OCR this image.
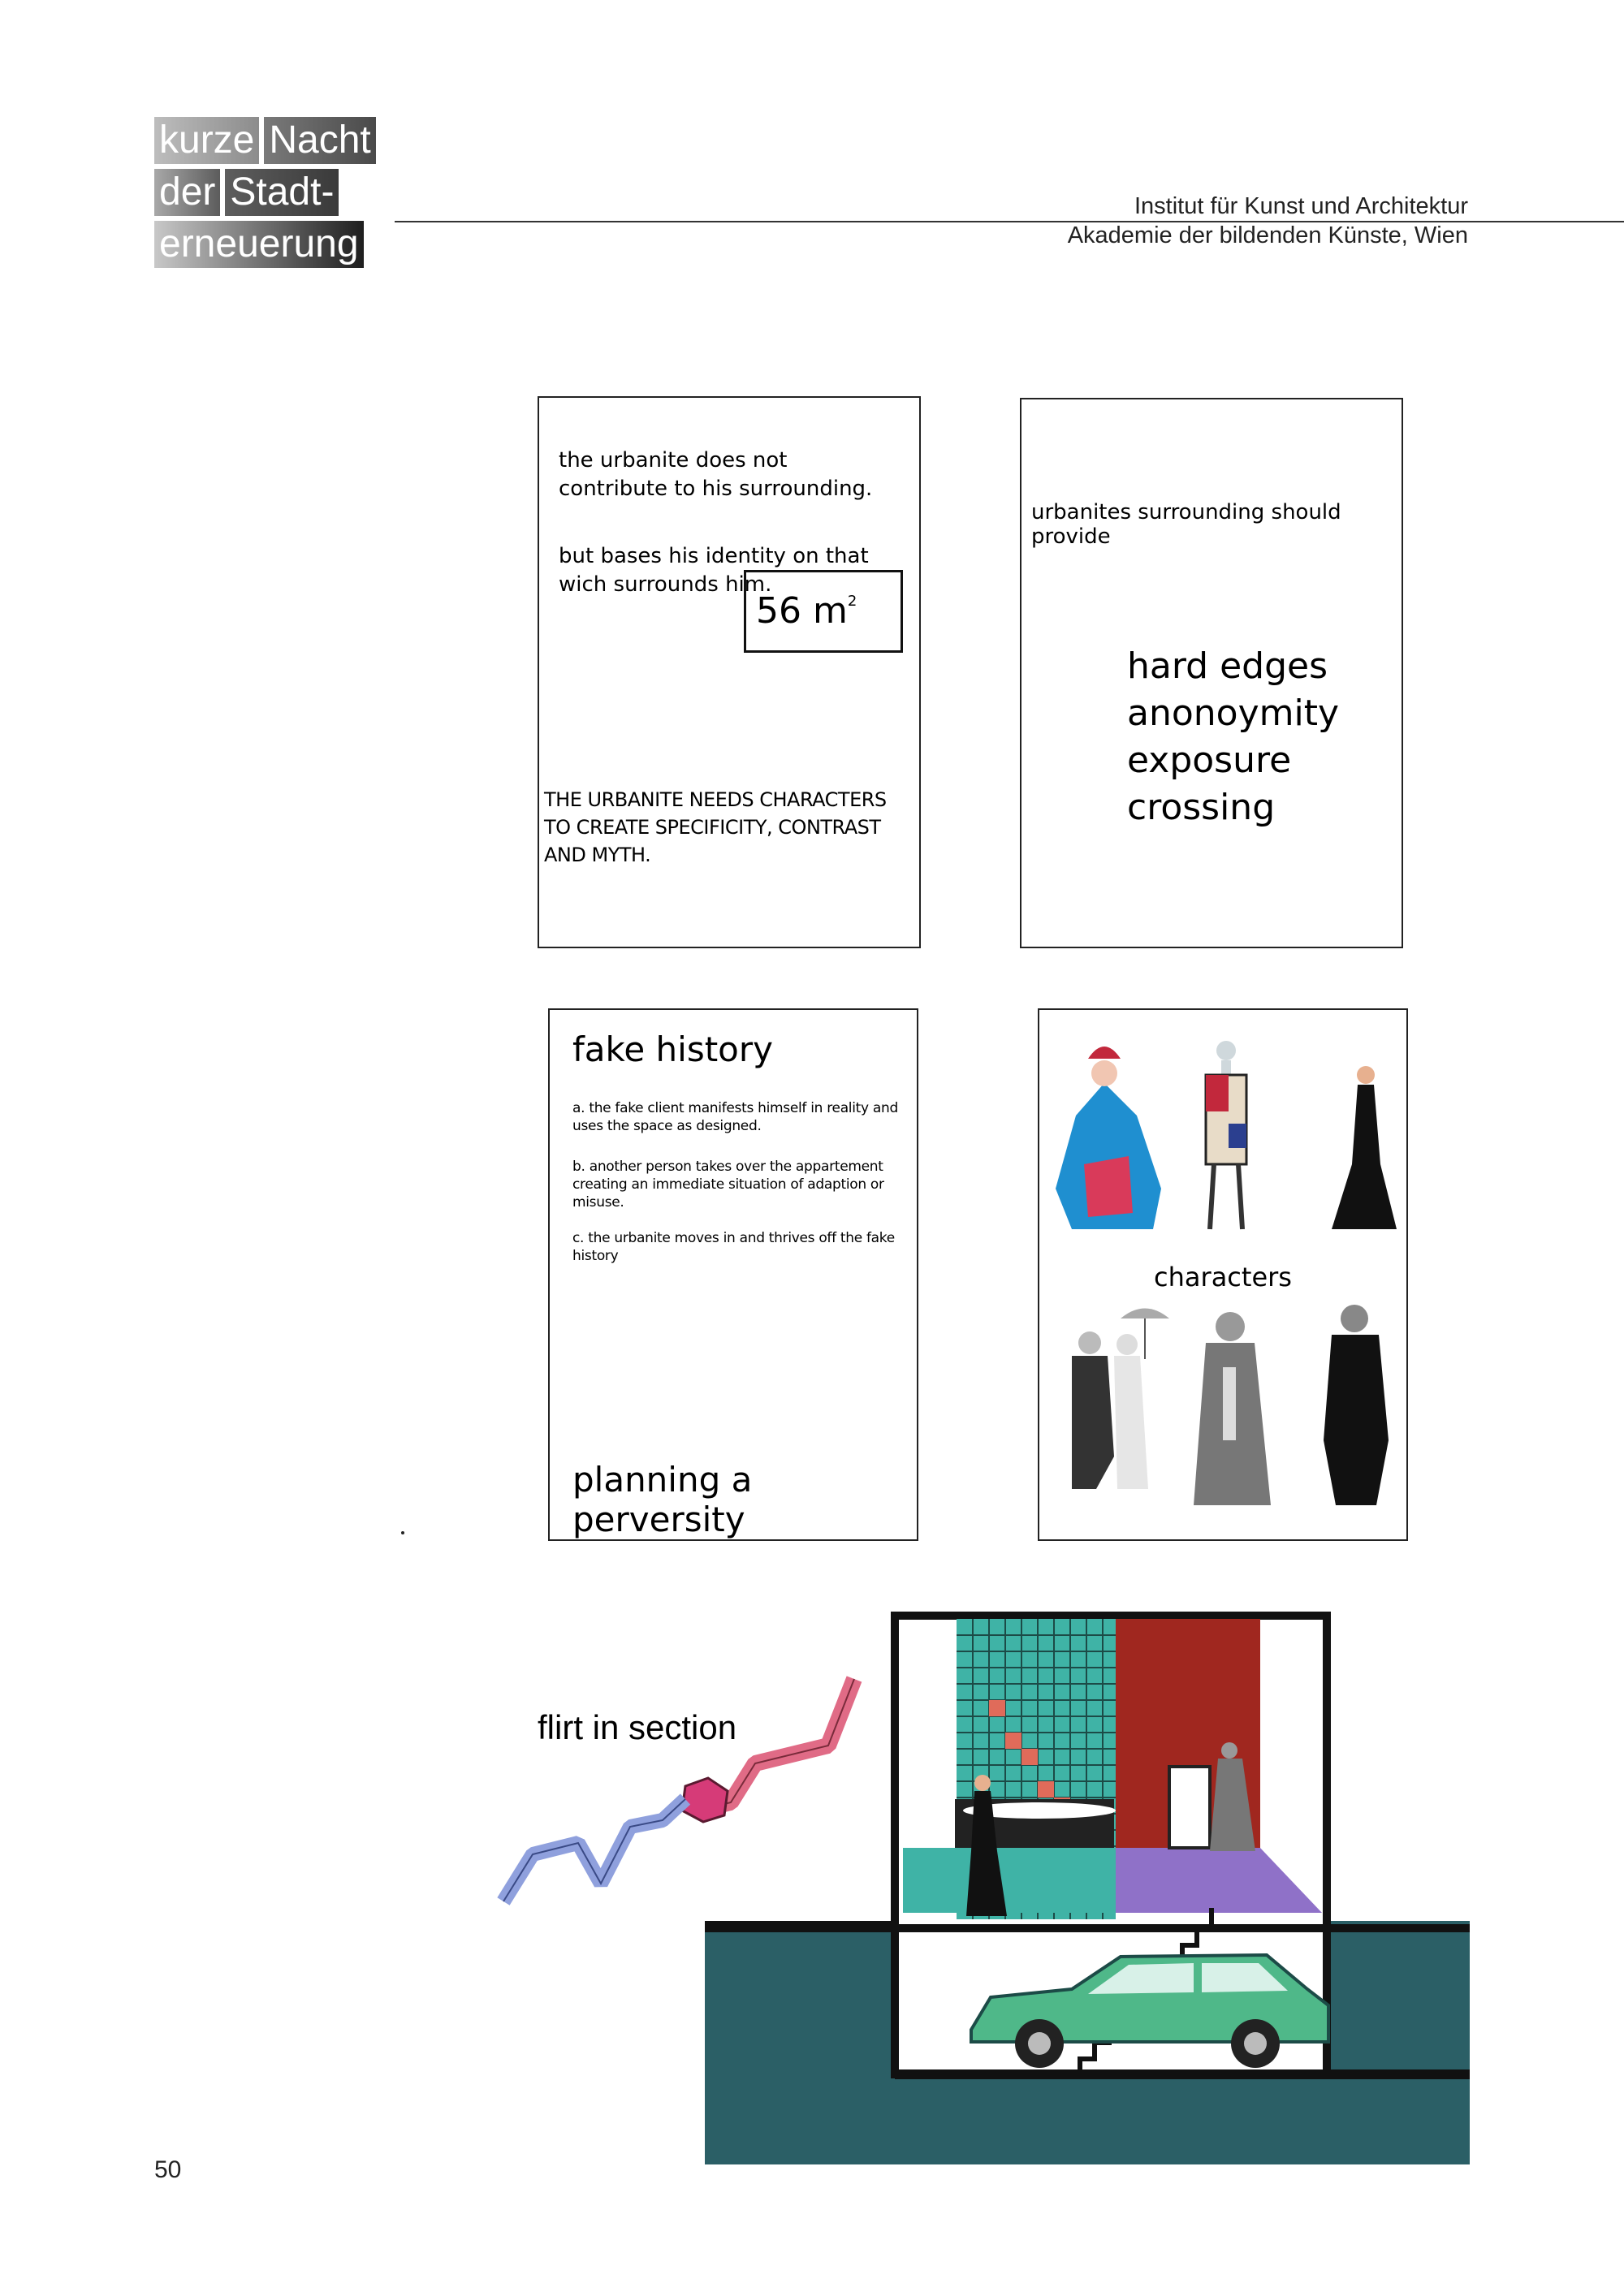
kurze Nacht
der Stadt-
erneuerung
Institut für Kunst und Architektur
Akademie der bildenden Künste, Wien
the urbanite does not contribute to his surrounding.
but bases his identity on that wich surrounds him.
56 $m^2$
THE URBANITE NEEDS CHARACTERS TO CREATE SPECIFICITY, CONTRAST AND MYTH.
urbanites surrounding should provide
hard edges
anonoymity
exposure
crossing
fake history
a. the fake client manifests himself in reality and uses the space as designed.
b. another person takes over the appartement creating an immediate situation of adaption or misuse.
c. the urbanite moves in and thrives off the fake history
planning a perversity
characters
flirt in section
50
